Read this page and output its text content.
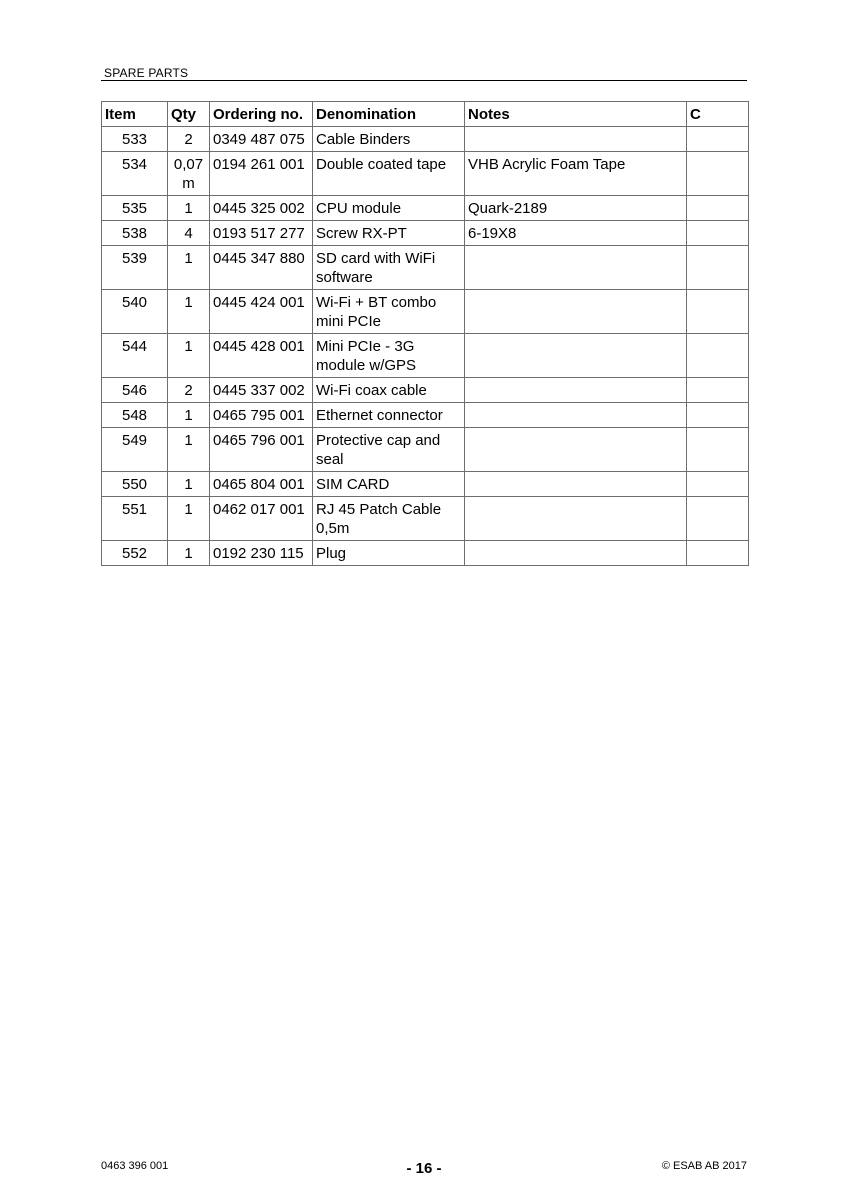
SPARE PARTS
Item	Qty	Ordering no.	Denomination	Notes	C
533	2	0349 487 075	Cable Binders		
534	0,07 m	0194 261 001	Double coated tape	VHB Acrylic Foam Tape	
535	1	0445 325 002	CPU module	Quark-2189	
538	4	0193 517 277	Screw RX-PT	6-19X8	
539	1	0445 347 880	SD card with WiFi software		
540	1	0445 424 001	Wi-Fi + BT combo mini PCIe		
544	1	0445 428 001	Mini PCIe - 3G module w/GPS		
546	2	0445 337 002	Wi-Fi coax cable		
548	1	0465 795 001	Ethernet connector		
549	1	0465 796 001	Protective cap and seal		
550	1	0465 804 001	SIM CARD		
551	1	0462 017 001	RJ 45 Patch Cable 0,5m		
552	1	0192 230 115	Plug		
0463 396 001	- 16 -	© ESAB AB 2017
